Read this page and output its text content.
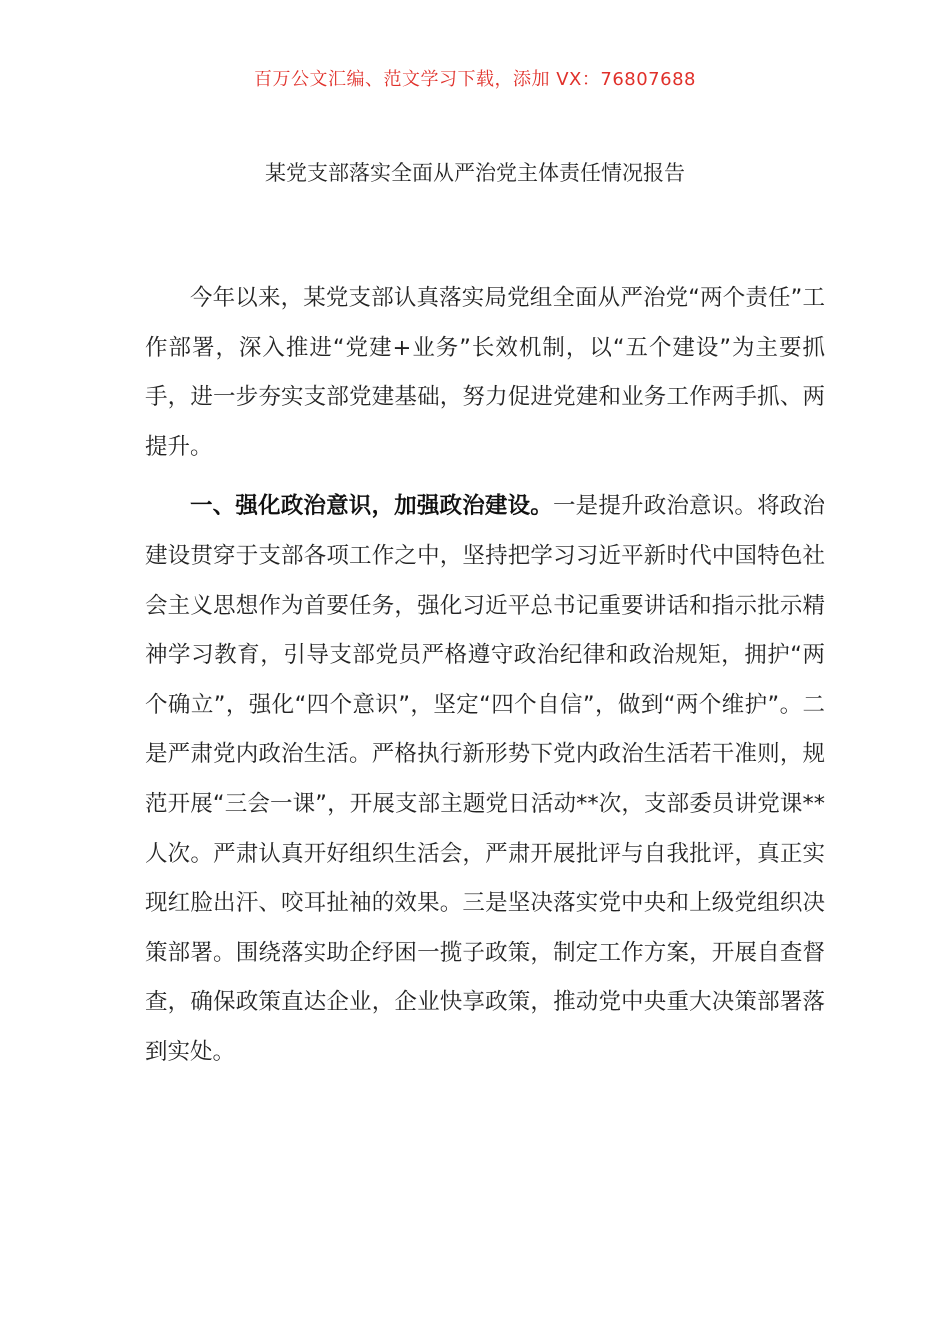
百万公文汇编、范文学习下载，添加 VX：76807688
某党支部落实全面从严治党主体责任情况报告

今年以来，某党支部认真落实局党组全面从严治党“两个责任”工作部署，深入推进“党建+业务”长效机制，以“五个建设”为主要抓手，进一步夯实支部党建基础，努力促进党建和业务工作两手抓、两提升。

一、强化政治意识，加强政治建设。一是提升政治意识。将政治建设贯穿于支部各项工作之中，坚持把学习习近平新时代中国特色社会主义思想作为首要任务，强化习近平总书记重要讲话和指示批示精神学习教育，引导支部党员严格遵守政治纪律和政治规矩，拥护“两个确立”，强化“四个意识”，坚定“四个自信”，做到“两个维护”。二是严肃党内政治生活。严格执行新形势下党内政治生活若干准则，规范开展“三会一课”，开展支部主题党日活动**次，支部委员讲党课**人次。严肃认真开好组织生活会，严肃开展批评与自我批评，真正实现红脸出汗、咬耳扯袖的效果。三是坚决落实党中央和上级党组织决策部署。围绕落实助企纾困一揽子政策，制定工作方案，开展自查督查，确保政策直达企业，企业快享政策，推动党中央重大决策部署落到实处。
